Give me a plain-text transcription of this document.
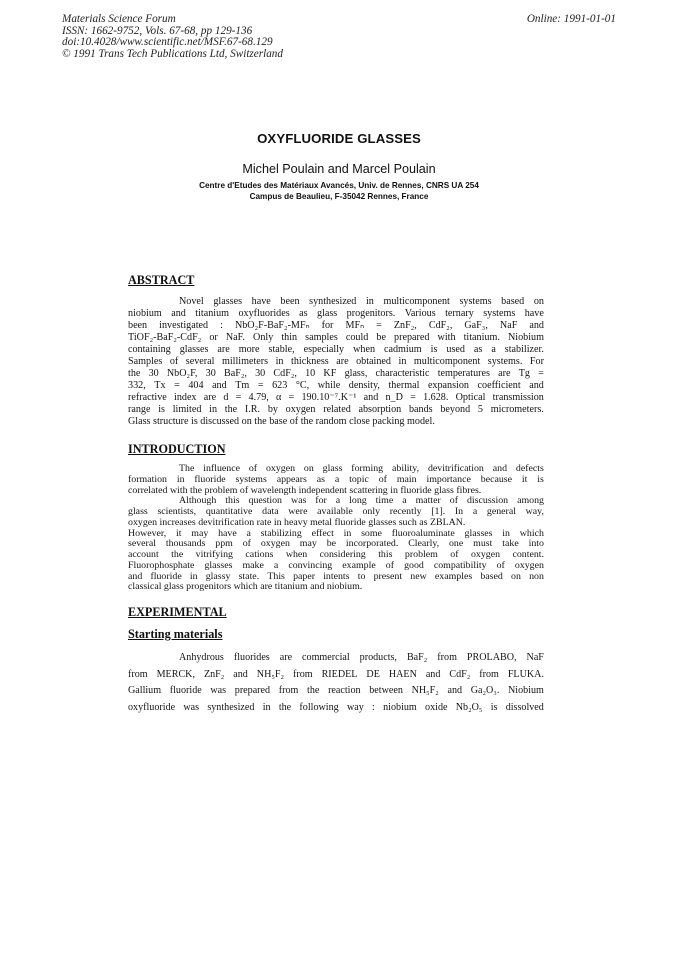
Materials Science Forum
ISSN: 1662-9752, Vols. 67-68, pp 129-136
doi:10.4028/www.scientific.net/MSF.67-68.129
© 1991 Trans Tech Publications Ltd, Switzerland
Online: 1991-01-01
OXYFLUORIDE GLASSES
Michel Poulain and Marcel Poulain
Centre d'Etudes des Matériaux Avancés, Univ. de Rennes, CNRS UA 254
Campus de Beaulieu, F-35042 Rennes, France
ABSTRACT
Novel glasses have been synthesized in multicomponent systems based on
niobium and titanium oxyfluorides as glass progenitors. Various ternary systems have
been investigated : NbO₂F-BaF₂-MFₙ for MFₙ = ZnF₂, CdF₂, GaF₃, NaF and
TiOF₂-BaF₂-CdF₂ or NaF. Only thin samples could be prepared with titanium. Niobium
containing glasses are more stable, especially when cadmium is used as a stabilizer.
Samples of several millimeters in thickness are obtained in multicomponent systems. For
the 30 NbO₂F, 30 BaF₂, 30 CdF₂, 10 KF glass, characteristic temperatures are Tg =
332, Tx = 404 and Tm = 623 °C, while density, thermal expansion coefficient and
refractive index are d = 4.79, α = 190.10⁻⁷.K⁻¹ and n_D = 1.628. Optical transmission
range is limited in the I.R. by oxygen related absorption bands beyond 5 micrometers.
Glass structure is discussed on the base of the random close packing model.
INTRODUCTION
The influence of oxygen on glass forming ability, devitrification and defects
formation in fluoride systems appears as a topic of main importance because it is
correlated with the problem of wavelength independent scattering in fluoride glass fibres.
Although this question was for a long time a matter of discussion among
glass scientists, quantitative data were available only recently [1]. In a general way,
oxygen increases devitrification rate in heavy metal fluoride glasses such as ZBLAN.
However, it may have a stabilizing effect in some fluoroaluminate glasses in which
several thousands ppm of oxygen may be incorporated. Clearly, one must take into
account the vitrifying cations when considering this problem of oxygen content.
Fluorophosphate glasses make a convincing example of good compatibility of oxygen
and fluoride in glassy state. This paper intents to present new examples based on non
classical glass progenitors which are titanium and niobium.
EXPERIMENTAL
Starting materials
Anhydrous fluorides are commercial products, BaF₂ from PROLABO, NaF
from MERCK, ZnF₂ and NH₅F₂ from RIEDEL DE HAEN and CdF₂ from FLUKA.
Gallium fluoride was prepared from the reaction between NH₅F₂ and Ga₂O₃. Niobium
oxyfluoride was synthesized in the following way : niobium oxide Nb₂O₅ is dissolved
